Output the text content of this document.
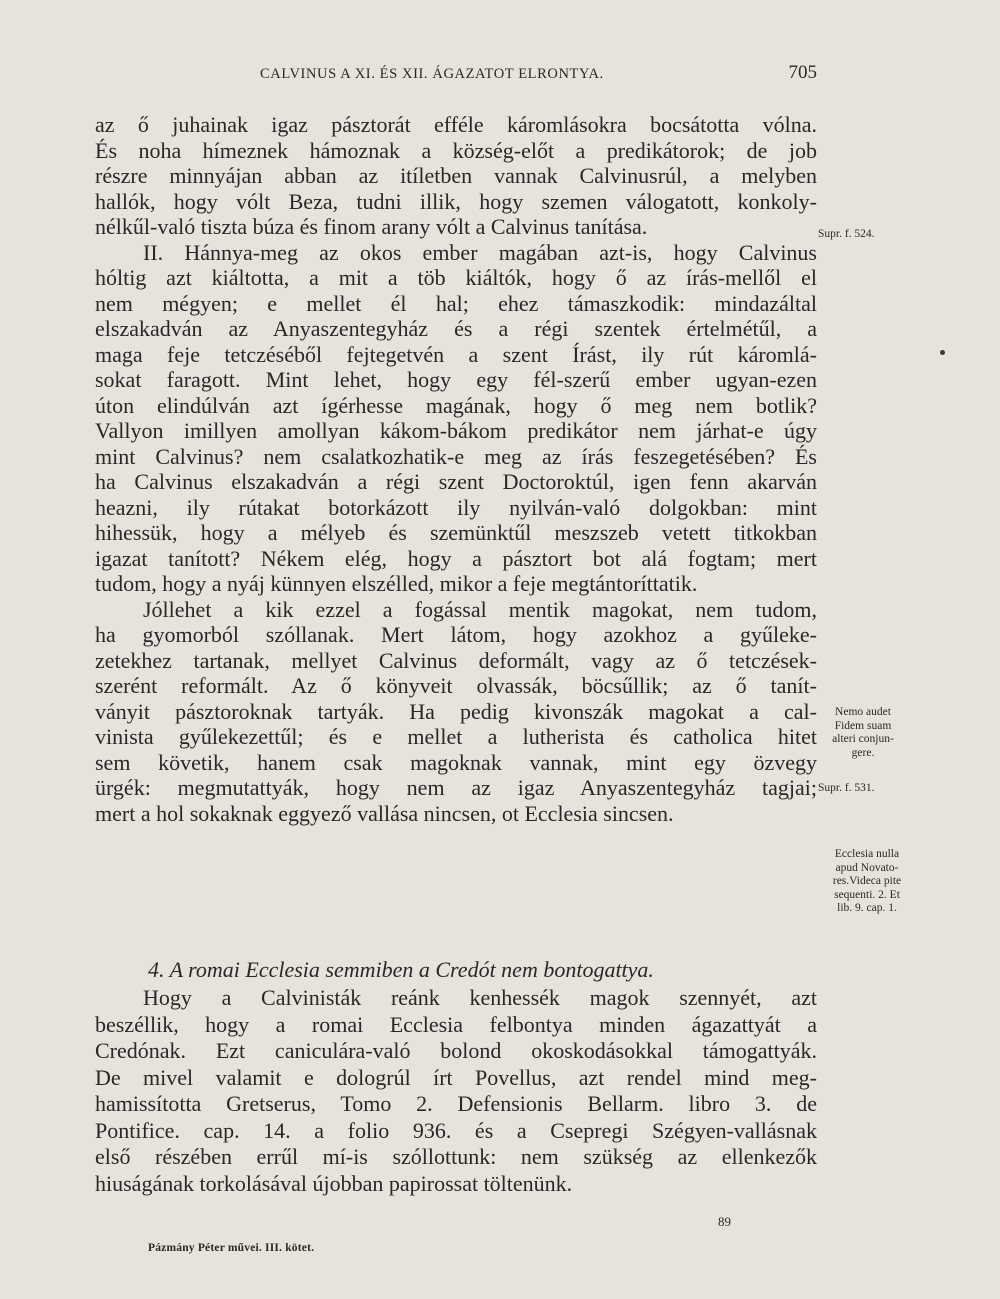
CALVINUS A XI. ÉS XII. ÁGAZATOT ELRONTYA.	705
az ő juhainak igaz pásztorát efféle káromlásokra bocsátotta vólna.
És noha hímeznek hámoznak a község-előt a predikátorok; de job
részre minnyájan abban az itíletben vannak Calvinusrúl, a melyben
hallók, hogy vólt Beza, tudni illik, hogy szemen válogatott, konkoly-
nélkűl-való tiszta búza és finom arany vólt a Calvinus tanítása.
II. Hánnya-meg az okos ember magában azt-is, hogy Calvinus
hóltig azt kiáltotta, a mit a töb kiáltók, hogy ő az írás-mellől el
nem mégyen; e mellet él hal; ehez támaszkodik: mindazáltal
elszakadván az Anyaszentegyház és a régi szentek értelmétűl, a
maga feje tetczéséből fejtegetvén a szent Írást, ily rút káromlá-
sokat faragott. Mint lehet, hogy egy fél-szerű ember ugyan-ezen
úton elindúlván azt ígérhesse magának, hogy ő meg nem botlik?
Vallyon imillyen amollyan kákom-bákom predikátor nem járhat-e úgy
mint Calvinus? nem csalatkozhatik-e meg az írás feszegetésében? És
ha Calvinus elszakadván a régi szent Doctoroktúl, igen fenn akarván
heazni, ily rútakat botorkázott ily nyilván-való dolgokban: mint
hihessük, hogy a mélyeb és szemünktűl meszszeb vetett titkokban
igazat tanított? Nékem elég, hogy a pásztort bot alá fogtam; mert
tudom, hogy a nyáj künnyen elszélled, mikor a feje megtántoríttatik.
Jóllehet a kik ezzel a fogással mentik magokat, nem tudom,
ha gyomorból szóllanak. Mert látom, hogy azokhoz a gyűleke-
zetekhez tartanak, mellyet Calvinus deformált, vagy az ő tetczések-
szerént reformált. Az ő könyveit olvassák, böcsűllik; az ő tanít-
ványit pásztoroknak tartyák. Ha pedig kivonszák magokat a cal-
vinista gyűlekezettűl; és e mellet a lutherista és catholica hitet
sem követik, hanem csak magoknak vannak, mint egy özvegy
ürgék: megmutattyák, hogy nem az igaz Anyaszentegyház tagjai;
mert a hol sokaknak eggyező vallása nincsen, ot Ecclesia sincsen.
4. A romai Ecclesia semmiben a Credót nem bontogattya.
Hogy a Calvinisták reánk kenhessék magok szennyét, azt
beszéllik, hogy a romai Ecclesia felbontya minden ágazattyát a
Credónak. Ezt caniculára-való bolond okoskodásokkal támogattyák.
De mivel valamit e dologrúl írt Povellus, azt rendel mind meg-
hamissította Gretserus, Tomo 2. Defensionis Bellarm. libro 3. de
Pontifice. cap. 14. a folio 936. és a Csepregi Szégyen-vallásnak
első részében errűl mí-is szóllottunk: nem szükség az ellenkezők
hiuságának torkolásával újobban papirossat töltenünk.
Supr. f. 524.
Nemo audet
Fidem suam
alteri conjun-
gere.
Supr. f. 531.
Ecclesia nulla
apud Novato-
res.Videca pite
sequenti. 2. Et
lib. 9. cap. 1.
89
Pázmány Péter művei. III. kötet.
